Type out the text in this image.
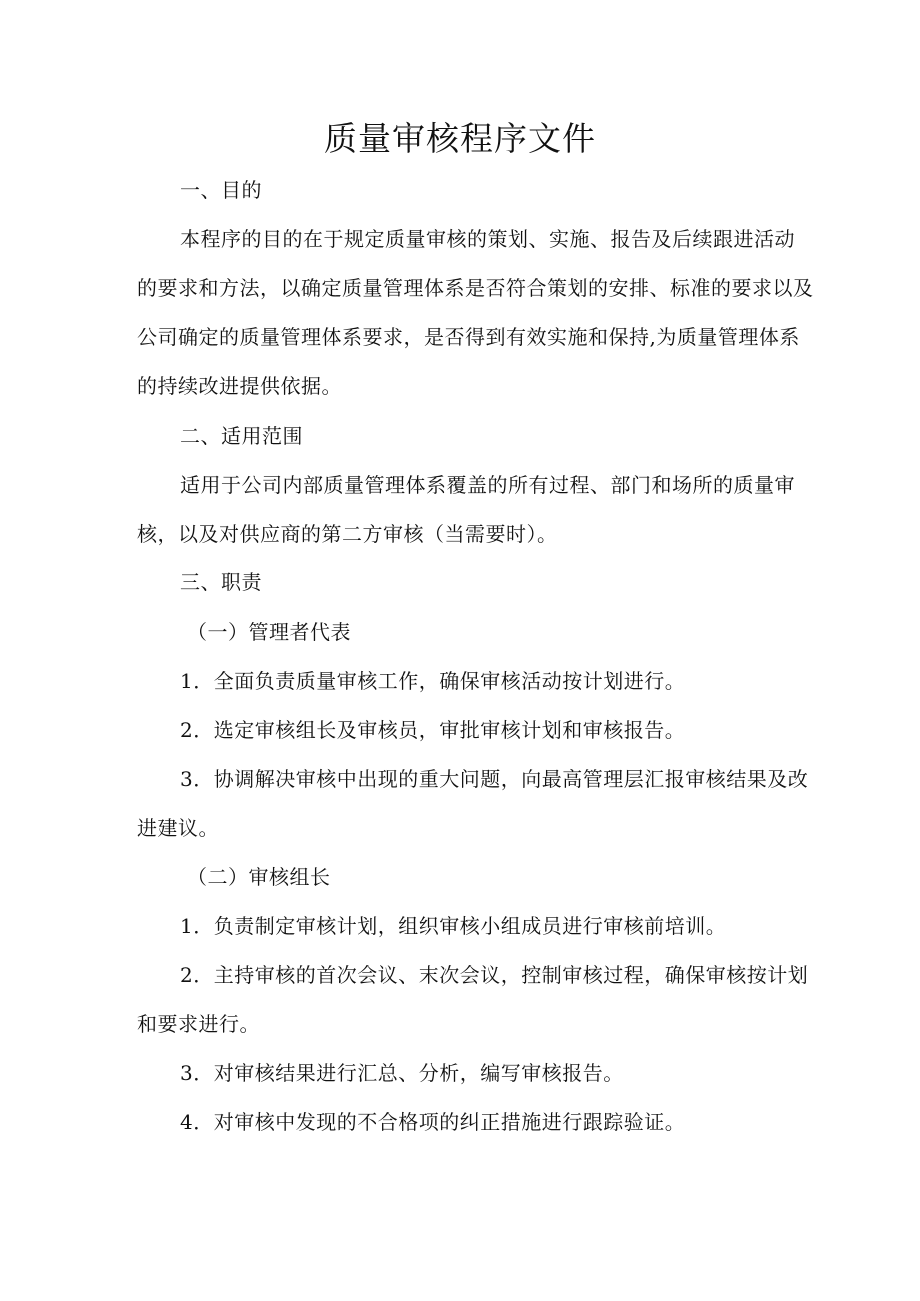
质量审核程序文件

一、目的

本程序的目的在于规定质量审核的策划、实施、报告及后续跟进活动

的要求和方法，以确定质量管理体系是否符合策划的安排、标准的要求以及

公司确定的质量管理体系要求，是否得到有效实施和保持,为质量管理体系

的持续改进提供依据。

二、适用范围

适用于公司内部质量管理体系覆盖的所有过程、部门和场所的质量审

核，以及对供应商的第二方审核（当需要时）。

三、职责

（一）管理者代表

1．全面负责质量审核工作，确保审核活动按计划进行。

2．选定审核组长及审核员，审批审核计划和审核报告。

3．协调解决审核中出现的重大问题，向最高管理层汇报审核结果及改

进建议。

（二）审核组长

1．负责制定审核计划，组织审核小组成员进行审核前培训。

2．主持审核的首次会议、末次会议，控制审核过程，确保审核按计划

和要求进行。

3．对审核结果进行汇总、分析，编写审核报告。

4．对审核中发现的不合格项的纠正措施进行跟踪验证。
